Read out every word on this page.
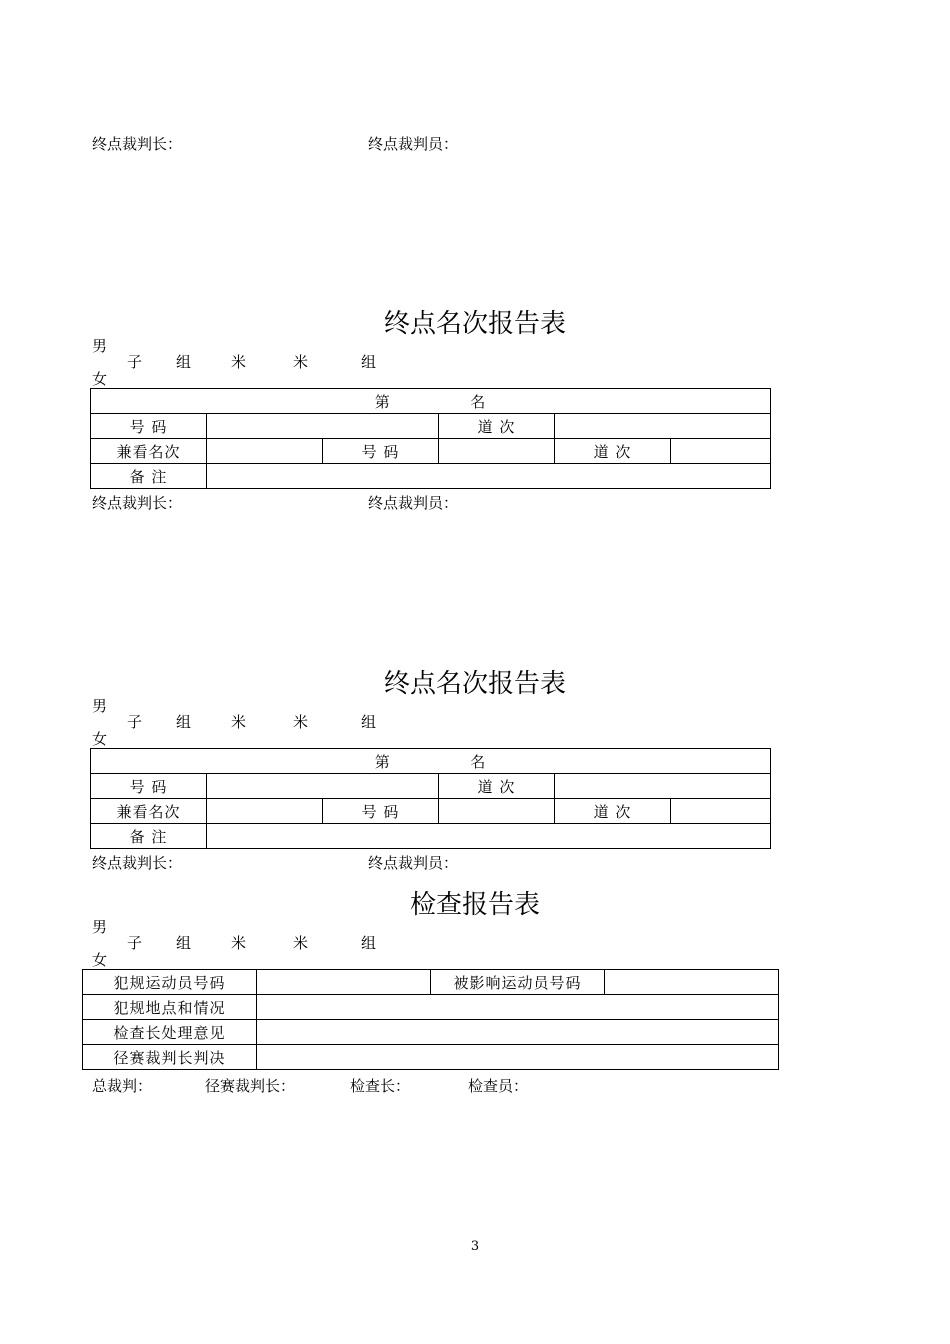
终点裁判长：	终点裁判员：
终点名次报告表
男
女
子 组	米	米	组
第 名					
号 码			道 次		
兼看名次		号 码		道 次	
备 注					
终点裁判长：	终点裁判员：
终点名次报告表
男
女
子 组	米	米	组
第 名					
号 码			道 次		
兼看名次		号 码		道 次	
备 注					
终点裁判长：	终点裁判员：
检查报告表
男
女
子 组	米	米	组
犯规运动员号码		被影响运动员号码	
犯规地点和情况			
检查长处理意见			
径赛裁判长判决			
总裁判：	径赛裁判长：	检查长：	检查员：
3
